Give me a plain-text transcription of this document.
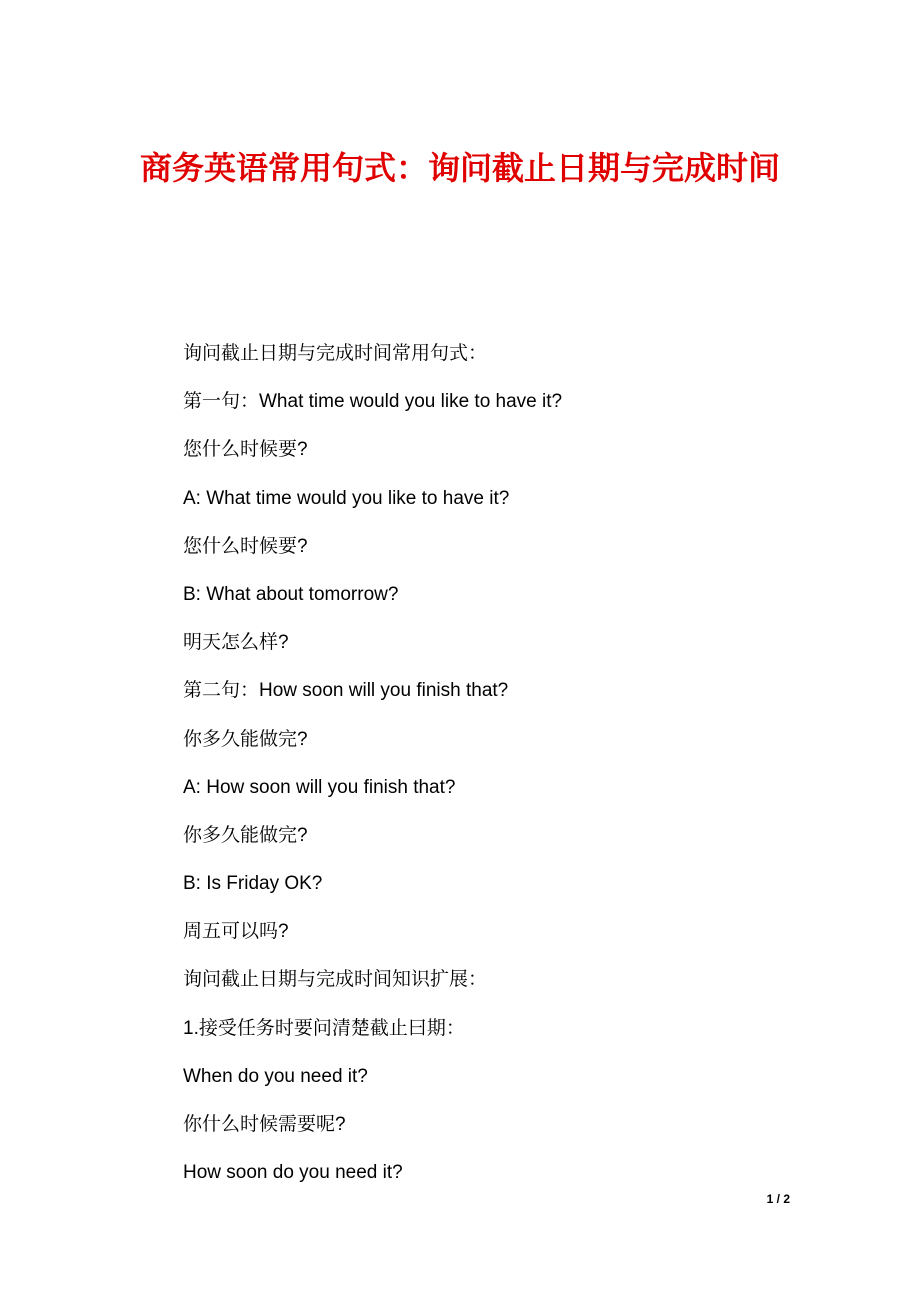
商务英语常用句式：询问截止日期与完成时间
询问截止日期与完成时间常用句式：
第一句：What time would you like to have it?
您什么时候要?
A: What time would you like to have it?
您什么时候要?
B: What about tomorrow?
明天怎么样?
第二句：How soon will you finish that?
你多久能做完?
A: How soon will you finish that?
你多久能做完?
B: Is Friday OK?
周五可以吗?
询问截止日期与完成时间知识扩展：
1.接受任务时要问清楚截止曰期：
When do you need it?
你什么时候需要呢?
How soon do you need it?
1 / 2
